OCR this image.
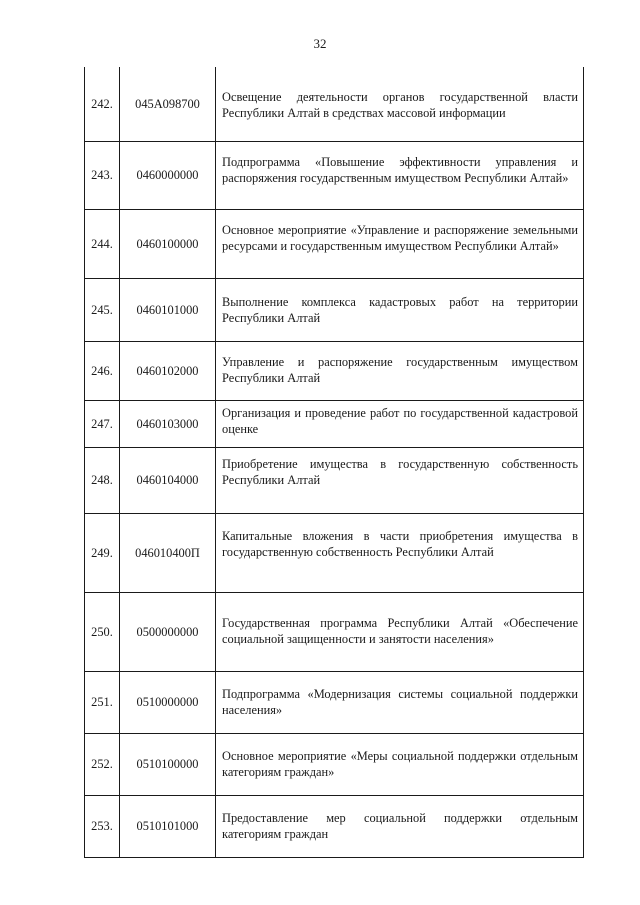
32
242.	045А098700	Освещение деятельности органов государственной власти Республики Алтай в средствах массовой информации

243.	0460000000	Подпрограмма «Повышение эффективности управления и распоряжения государственным имуществом Республики Алтай»

244.	0460100000	Основное мероприятие «Управление и распоряжение земельными ресурсами и государственным имуществом Республики Алтай»

245.	0460101000	Выполнение комплекса кадастровых работ на территории Республики Алтай

246.	0460102000	Управление и распоряжение государственным имуществом Республики Алтай

247.	0460103000	Организация и проведение работ по государственной кадастровой оценке

248.	0460104000	Приобретение имущества в государственную собственность Республики Алтай

249.	046010400П	Капитальные вложения в части приобретения имущества в государственную собственность Республики Алтай

250.	0500000000	Государственная программа Республики Алтай «Обеспечение социальной защищенности и занятости населения»

251.	0510000000	Подпрограмма «Модернизация системы социальной поддержки населения»

252.	0510100000	Основное мероприятие «Меры социальной поддержки отдельным категориям граждан»

253.	0510101000	Предоставление мер социальной поддержки отдельным категориям граждан
